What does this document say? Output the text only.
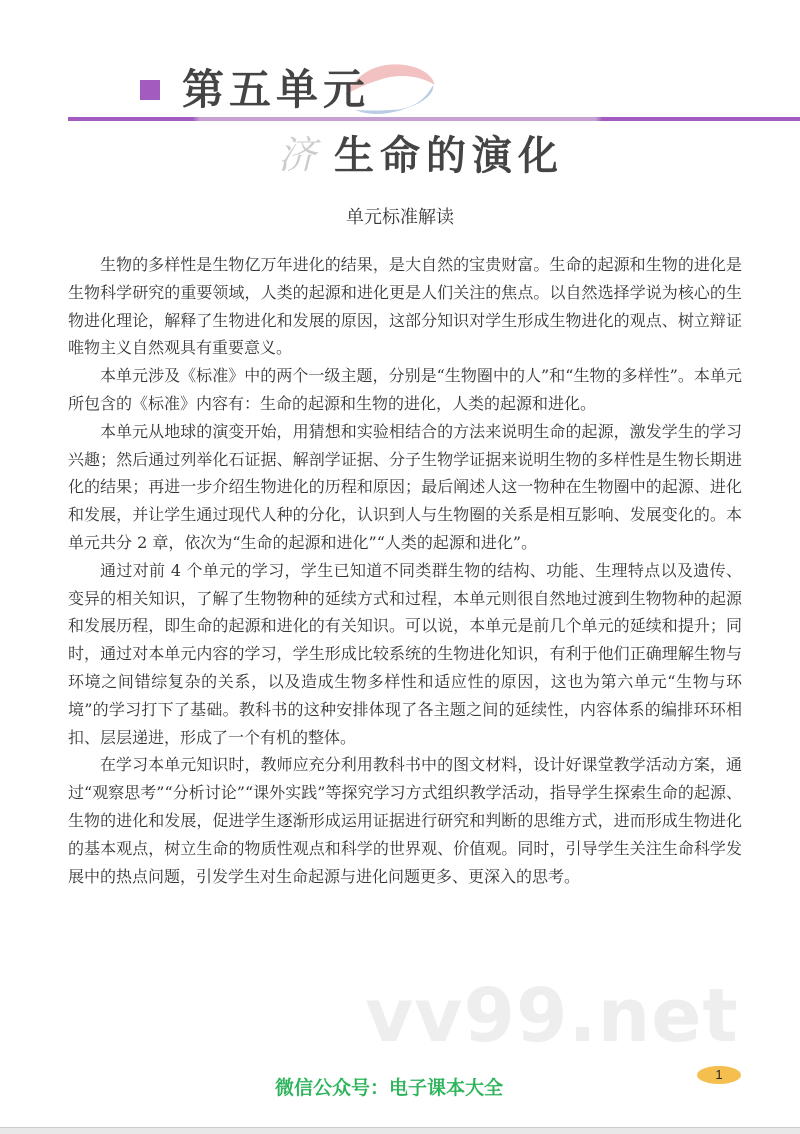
第五单元
济 生命的演化
单元标准解读

生物的多样性是生物亿万年进化的结果，是大自然的宝贵财富。生命的起源和生物的进化是生物科学研究的重要领域，人类的起源和进化更是人们关注的焦点。以自然选择学说为核心的生物进化理论，解释了生物进化和发展的原因，这部分知识对学生形成生物进化的观点、树立辩证唯物主义自然观具有重要意义。

本单元涉及《标准》中的两个一级主题，分别是“生物圈中的人”和“生物的多样性”。本单元所包含的《标准》内容有：生命的起源和生物的进化，人类的起源和进化。

本单元从地球的演变开始，用猜想和实验相结合的方法来说明生命的起源，激发学生的学习兴趣；然后通过列举化石证据、解剖学证据、分子生物学证据来说明生物的多样性是生物长期进化的结果；再进一步介绍生物进化的历程和原因；最后阐述人这一物种在生物圈中的起源、进化和发展，并让学生通过现代人种的分化，认识到人与生物圈的关系是相互影响、发展变化的。本单元共分 2 章，依次为“生命的起源和进化”“人类的起源和进化”。

通过对前 4 个单元的学习，学生已知道不同类群生物的结构、功能、生理特点以及遗传、变异的相关知识，了解了生物物种的延续方式和过程，本单元则很自然地过渡到生物物种的起源和发展历程，即生命的起源和进化的有关知识。可以说，本单元是前几个单元的延续和提升；同时，通过对本单元内容的学习，学生形成比较系统的生物进化知识，有利于他们正确理解生物与环境之间错综复杂的关系，以及造成生物多样性和适应性的原因，这也为第六单元“生物与环境”的学习打下了基础。教科书的这种安排体现了各主题之间的延续性，内容体系的编排环环相扣、层层递进，形成了一个有机的整体。

在学习本单元知识时，教师应充分利用教科书中的图文材料，设计好课堂教学活动方案，通过“观察思考”“分析讨论”“课外实践”等探究学习方式组织教学活动，指导学生探索生命的起源、生物的进化和发展，促进学生逐渐形成运用证据进行研究和判断的思维方式，进而形成生物进化的基本观点，树立生命的物质性观点和科学的世界观、价值观。同时，引导学生关注生命科学发展中的热点问题，引发学生对生命起源与进化问题更多、更深入的思考。

vv99.net
1
微信公众号：电子课本大全
